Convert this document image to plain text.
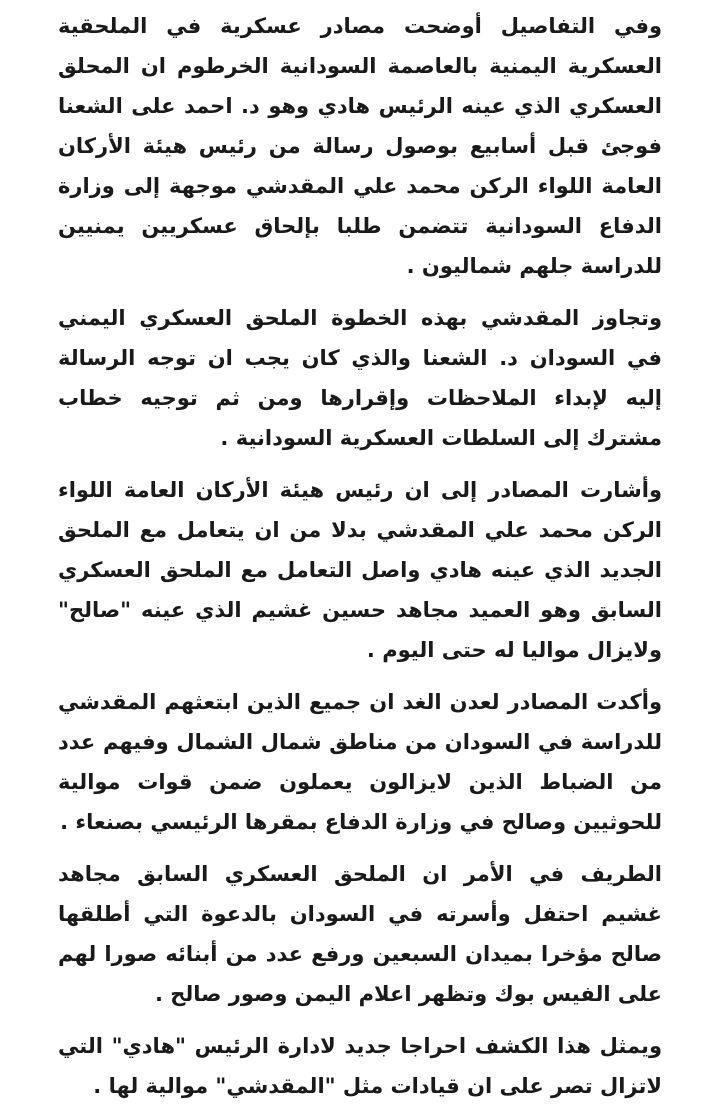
وفي التفاصيل أوضحت مصادر عسكرية في الملحقية العسكرية اليمنية بالعاصمة السودانية الخرطوم ان المحلق العسكري الذي عينه الرئيس هادي وهو د. احمد على الشعنا فوجئ قبل أسابيع بوصول رسالة من رئيس هيئة الأركان العامة اللواء الركن محمد علي المقدشي موجهة إلى وزارة الدفاع السودانية تتضمن طلبا بإلحاق عسكريين يمنيين للدراسة جلهم شماليون .

وتجاوز المقدشي بهذه الخطوة الملحق العسكري اليمني في السودان د. الشعنا والذي كان يجب ان توجه الرسالة إليه لإبداء الملاحظات وإقرارها ومن ثم توجيه خطاب مشترك إلى السلطات العسكرية السودانية .

وأشارت المصادر إلى ان رئيس هيئة الأركان العامة اللواء الركن محمد علي المقدشي بدلا من ان يتعامل مع الملحق الجديد الذي عينه هادي واصل التعامل مع الملحق العسكري السابق وهو العميد مجاهد حسين غشيم الذي عينه "صالح" ولايزال مواليا له حتى اليوم .

وأكدت المصادر لعدن الغد ان جميع الذين ابتعثهم المقدشي للدراسة في السودان من مناطق شمال الشمال وفيهم عدد من الضباط الذين لايزالون يعملون ضمن قوات موالية للحوثيين وصالح في وزارة الدفاع بمقرها الرئيسي بصنعاء .

الطريف في الأمر ان الملحق العسكري السابق مجاهد غشيم احتفل وأسرته في السودان بالدعوة التي أطلقها صالح مؤخرا بميدان السبعين ورفع عدد من أبنائه صورا لهم على الفيس بوك وتظهر اعلام اليمن وصور صالح .

ويمثل هذا الكشف احراجا جديد لادارة الرئيس "هادي" التي لاتزال تصر على ان قيادات مثل "المقدشي" موالية لها .
